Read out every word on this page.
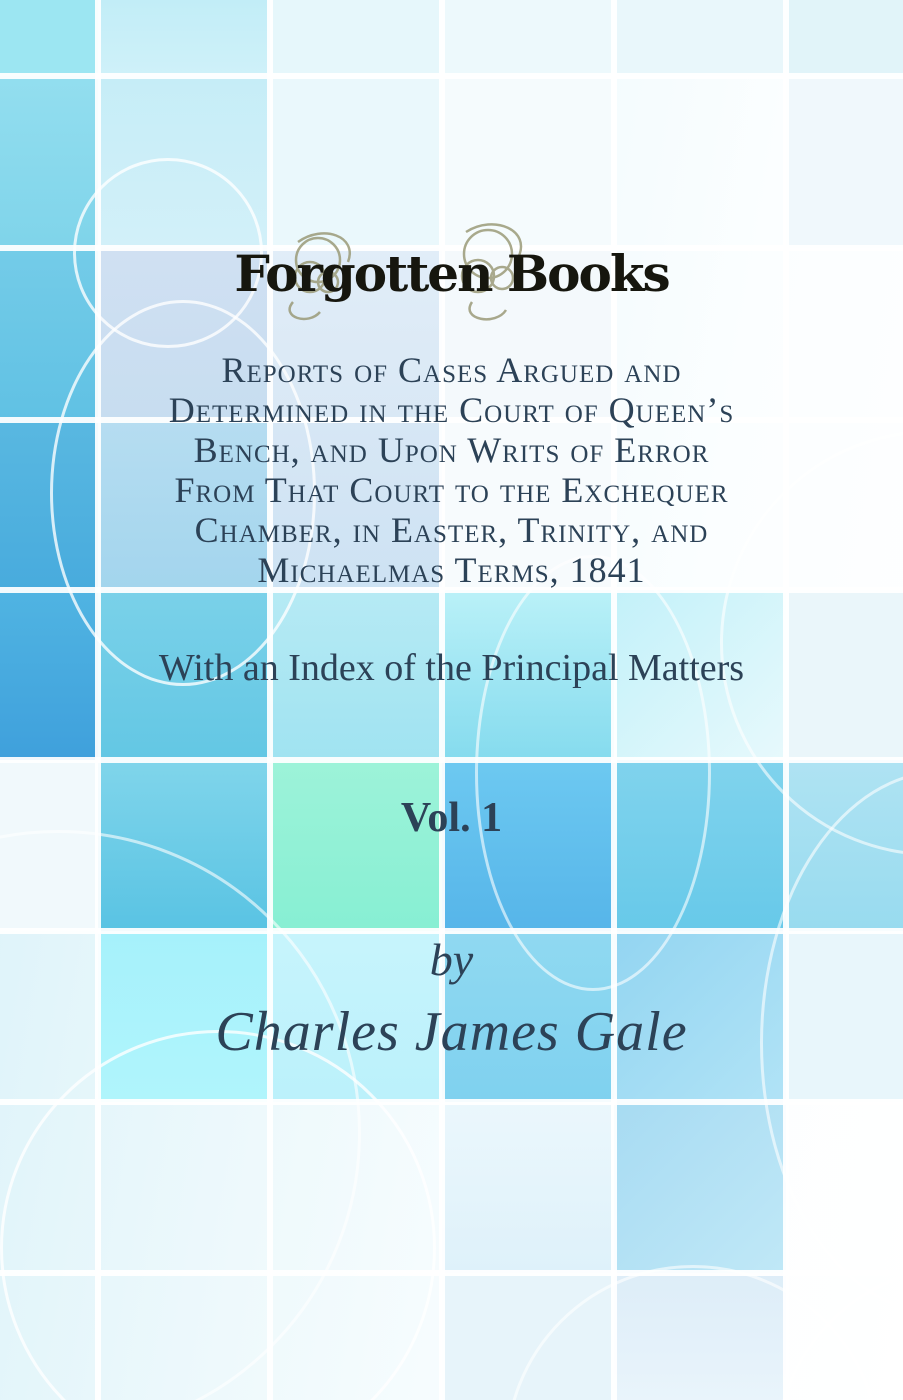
Forgotten Books
Reports of Cases Argued and
Determined in the Court of Queen’s
Bench, and Upon Writs of Error
From That Court to the Exchequer
Chamber, in Easter, Trinity, and
Michaelmas Terms, 1841
With an Index of the Principal Matters
Vol. 1
by
Charles James Gale
